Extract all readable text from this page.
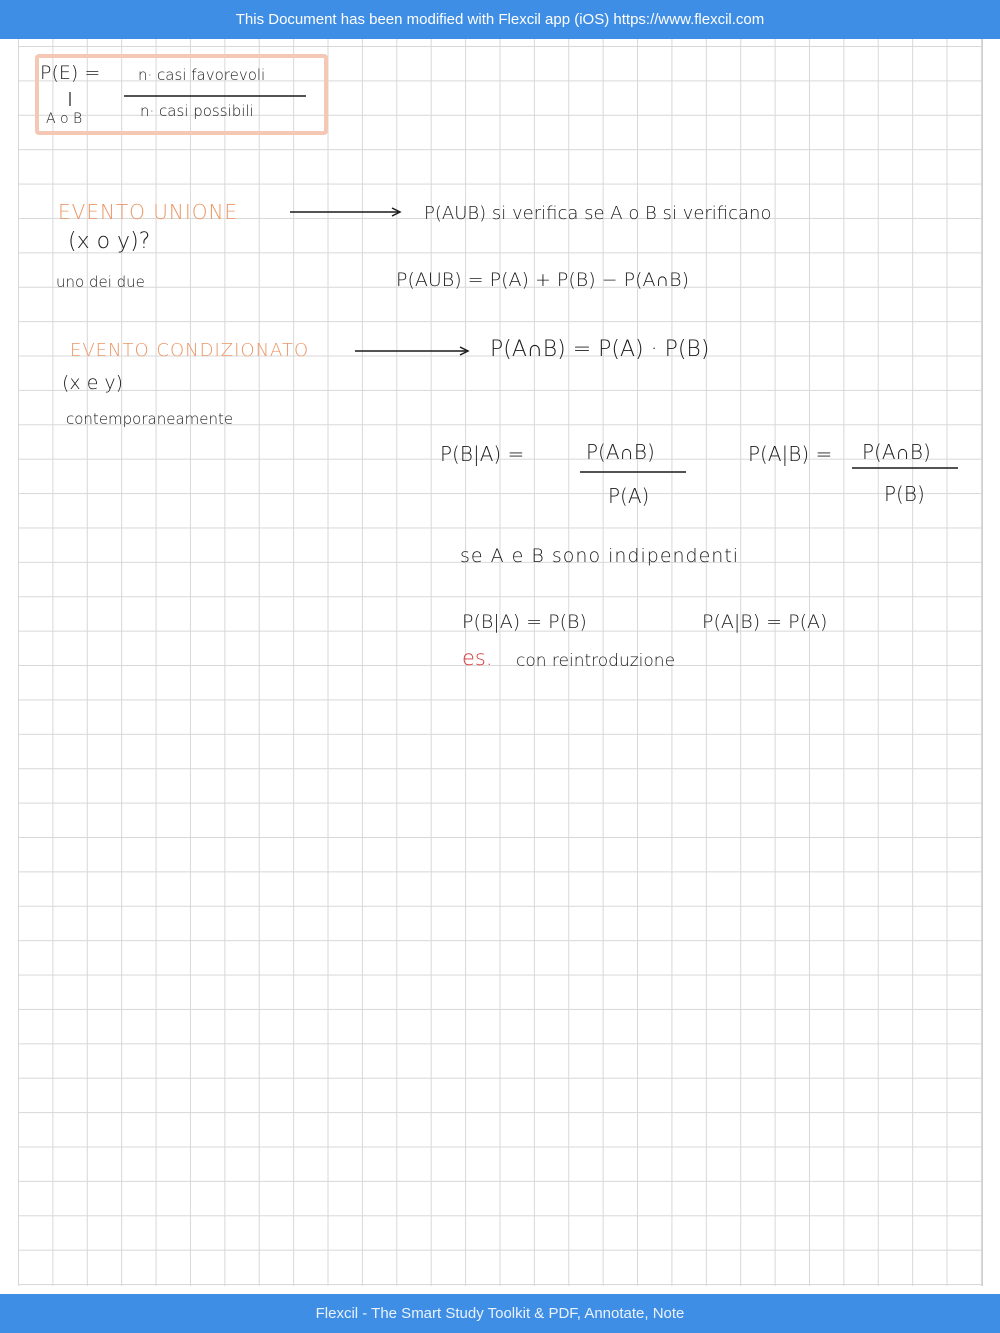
This Document has been modified with Flexcil app (iOS) https://www.flexcil.com
P(E) =	n· casi favorevoli
n· casi possibili
A o B
EVENTO UNIONE
(x o y)?
uno dei due
P(AUB) si verifica se A o B si verificano
P(AUB) = P(A) + P(B) − P(A∩B)
EVENTO CONDIZIONATO
(x e y)
contemporaneamente
P(A∩B) = P(A) · P(B)
P(B|A) =	P(A∩B)
P(A)
P(A|B) = P(A∩B)
P(B)
se A e B sono indipendenti
P(B|A) = P(B)	P(A|B) = P(A)
es. con reintroduzione
Flexcil - The Smart Study Toolkit & PDF, Annotate, Note
